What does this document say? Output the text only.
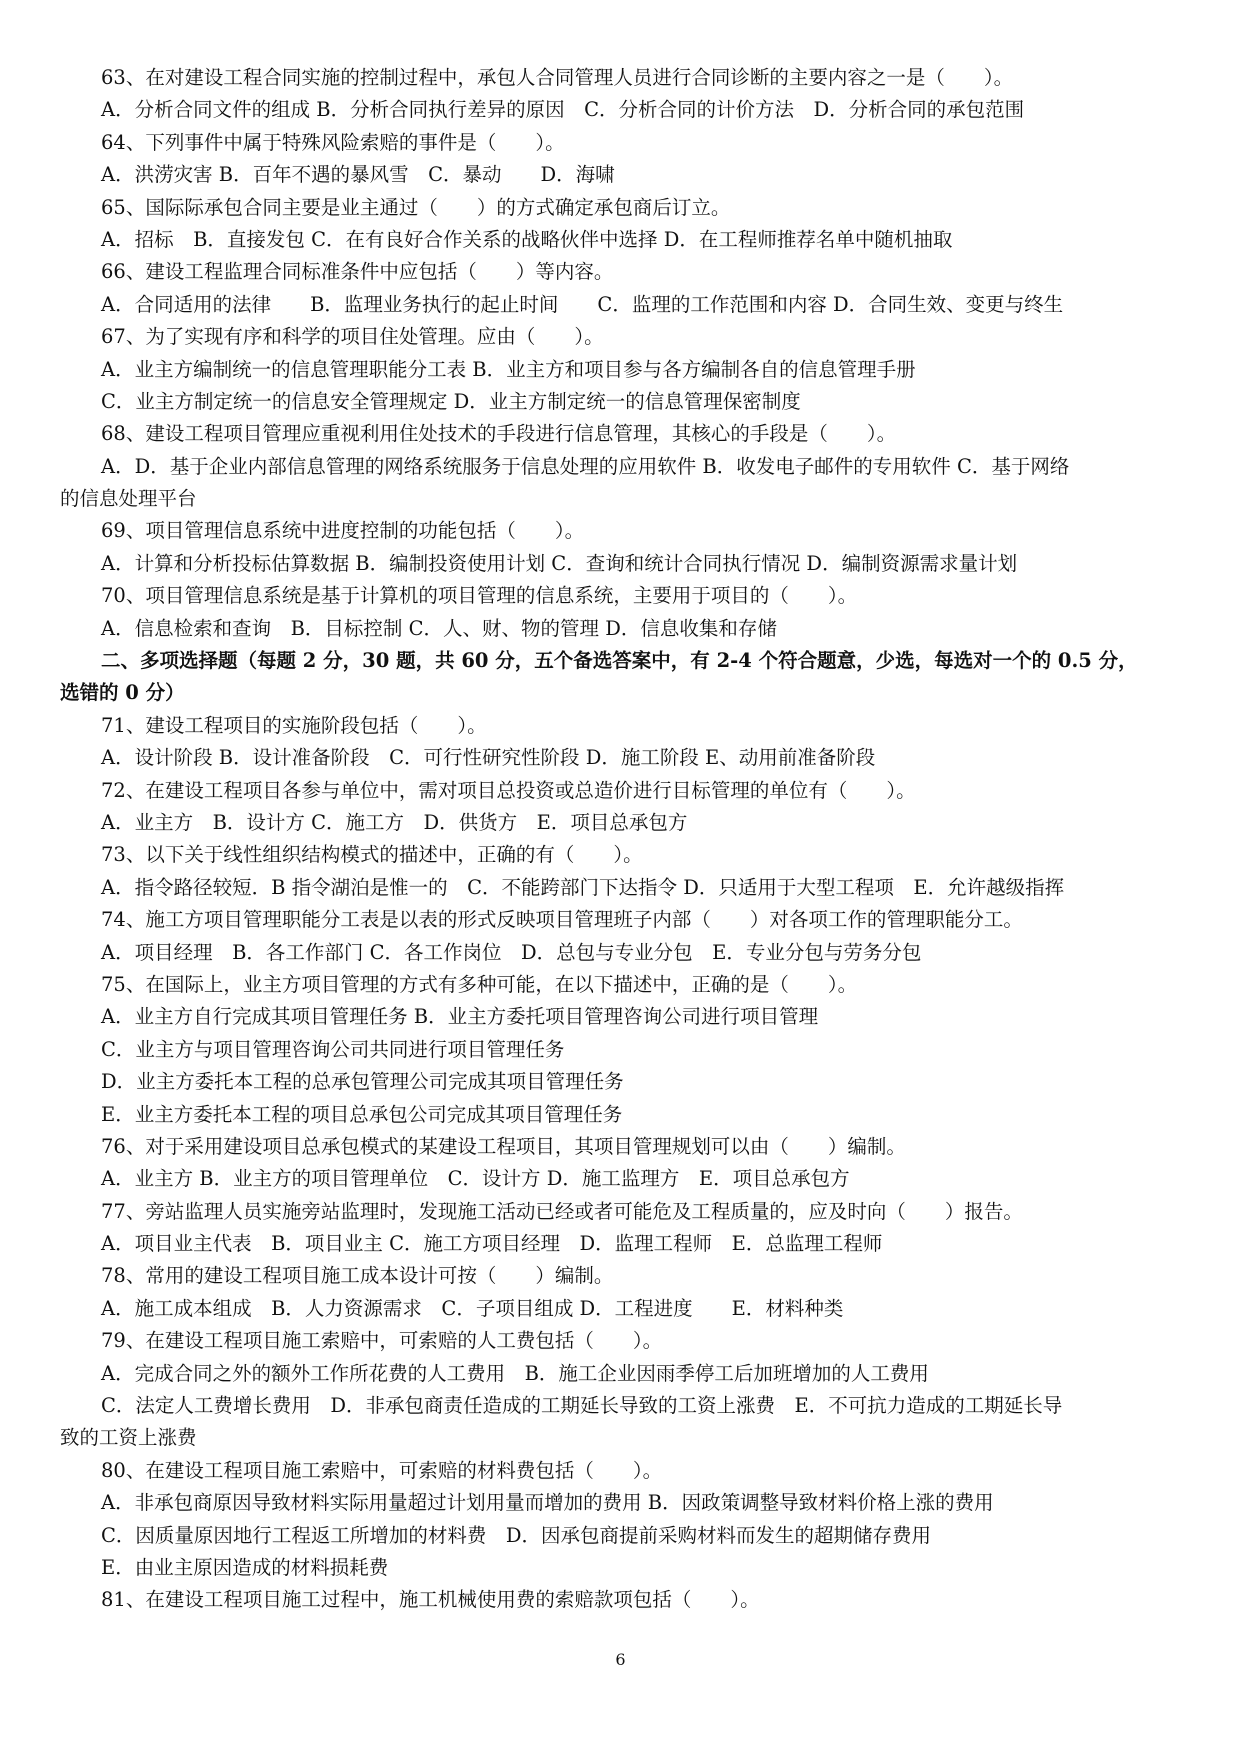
63、在对建设工程合同实施的控制过程中，承包人合同管理人员进行合同诊断的主要内容之一是（　　）。
A．分析合同文件的组成 B．分析合同执行差异的原因　C．分析合同的计价方法　D．分析合同的承包范围
64、下列事件中属于特殊风险索赔的事件是（　　）。
A．洪涝灾害 B．百年不遇的暴风雪　C．暴动　　D．海啸
65、国际际承包合同主要是业主通过（　　）的方式确定承包商后订立。
A．招标　B．直接发包 C．在有良好合作关系的战略伙伴中选择 D．在工程师推荐名单中随机抽取
66、建设工程监理合同标准条件中应包括（　　）等内容。
A．合同适用的法律　　B．监理业务执行的起止时间　　C．监理的工作范围和内容 D．合同生效、变更与终生
67、为了实现有序和科学的项目住处管理。应由（　　）。
A．业主方编制统一的信息管理职能分工表 B．业主方和项目参与各方编制各自的信息管理手册
C．业主方制定统一的信息安全管理规定 D．业主方制定统一的信息管理保密制度
68、建设工程项目管理应重视利用住处技术的手段进行信息管理，其核心的手段是（　　）。
A．D．基于企业内部信息管理的网络系统服务于信息处理的应用软件 B．收发电子邮件的专用软件 C．基于网络
的信息处理平台
69、项目管理信息系统中进度控制的功能包括（　　）。
A．计算和分析投标估算数据 B．编制投资使用计划 C．查询和统计合同执行情况 D．编制资源需求量计划
70、项目管理信息系统是基于计算机的项目管理的信息系统，主要用于项目的（　　）。
A．信息检索和查询　B．目标控制 C．人、财、物的管理 D．信息收集和存储
二、多项选择题（每题 2 分，30 题，共 60 分，五个备选答案中，有 2-4 个符合题意，少选，每选对一个的 0.5 分，
选错的 0 分）
71、建设工程项目的实施阶段包括（　　）。
A．设计阶段 B．设计准备阶段　C．可行性研究性阶段 D．施工阶段 E、动用前准备阶段
72、在建设工程项目各参与单位中，需对项目总投资或总造价进行目标管理的单位有（　　）。
A．业主方　B．设计方 C．施工方　D．供货方　E．项目总承包方
73、以下关于线性组织结构模式的描述中，正确的有（　　）。
A．指令路径较短．B 指令湖泊是惟一的　C．不能跨部门下达指令 D．只适用于大型工程项　E．允许越级指挥
74、施工方项目管理职能分工表是以表的形式反映项目管理班子内部（　　）对各项工作的管理职能分工。
A．项目经理　B．各工作部门 C．各工作岗位　D．总包与专业分包　E．专业分包与劳务分包
75、在国际上，业主方项目管理的方式有多种可能，在以下描述中，正确的是（　　）。
A．业主方自行完成其项目管理任务 B．业主方委托项目管理咨询公司进行项目管理
C．业主方与项目管理咨询公司共同进行项目管理任务
D．业主方委托本工程的总承包管理公司完成其项目管理任务
E．业主方委托本工程的项目总承包公司完成其项目管理任务
76、对于采用建设项目总承包模式的某建设工程项目，其项目管理规划可以由（　　）编制。
A．业主方 B．业主方的项目管理单位　C．设计方 D．施工监理方　E．项目总承包方
77、旁站监理人员实施旁站监理时，发现施工活动已经或者可能危及工程质量的，应及时向（　　）报告。
A．项目业主代表　B．项目业主 C．施工方项目经理　D．监理工程师　E．总监理工程师
78、常用的建设工程项目施工成本设计可按（　　）编制。
A．施工成本组成　B．人力资源需求　C．子项目组成 D．工程进度　　E．材料种类
79、在建设工程项目施工索赔中，可索赔的人工费包括（　　）。
A．完成合同之外的额外工作所花费的人工费用　B．施工企业因雨季停工后加班增加的人工费用
C．法定人工费增长费用　D．非承包商责任造成的工期延长导致的工资上涨费　E．不可抗力造成的工期延长导
致的工资上涨费
80、在建设工程项目施工索赔中，可索赔的材料费包括（　　）。
A．非承包商原因导致材料实际用量超过计划用量而增加的费用 B．因政策调整导致材料价格上涨的费用
C．因质量原因地行工程返工所增加的材料费　D．因承包商提前采购材料而发生的超期储存费用
E．由业主原因造成的材料损耗费
81、在建设工程项目施工过程中，施工机械使用费的索赔款项包括（　　）。
6
